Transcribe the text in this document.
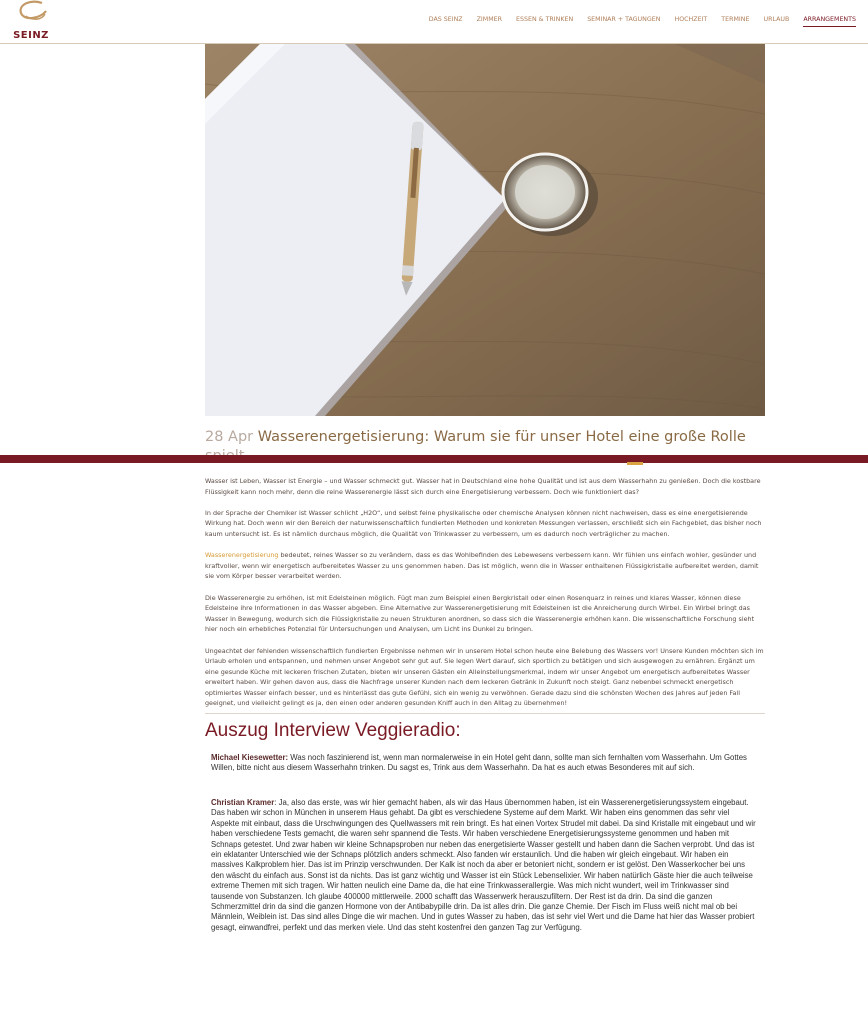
SEINZ
DAS SEINZ ZIMMER ESSEN & TRINKEN SEMINAR + TAGUNGEN HOCHZEIT TERMINE URLAUB ARRANGEMENTS
28 Apr Wasserenergetisierung: Warum sie für unser Hotel eine große Rolle

Wasser ist Leben, Wasser ist Energie – und Wasser schmeckt gut. Wasser hat in Deutschland eine hohe Qualität und ist aus dem Wasserhahn zu genießen. Doch die kostbare Flüssigkeit kann noch mehr, denn die reine Wasserenergie lässt sich durch eine Energetisierung verbessern. Doch wie funktioniert das?

In der Sprache der Chemiker ist Wasser schlicht „H2O“, und selbst feine physikalische oder chemische Analysen können nicht nachweisen, dass es eine energetisierende Wirkung hat. Doch wenn wir den Bereich der naturwissenschaftlich fundierten Methoden und konkreten Messungen verlassen, erschließt sich ein Fachgebiet, das bisher noch kaum untersucht ist. Es ist nämlich durchaus möglich, die Qualität von Trinkwasser zu verbessern, um es dadurch noch verträglicher zu machen.

Wasserenergetisierung bedeutet, reines Wasser so zu verändern, dass es das Wohlbefinden des Lebewesens verbessern kann. Wir fühlen uns einfach wohler, gesünder und kraftvoller, wenn wir energetisch aufbereitetes Wasser zu uns genommen haben. Das ist möglich, wenn die in Wasser enthaltenen Flüssigkristalle aufbereitet werden, damit sie vom Körper besser verarbeitet werden.

Die Wasserenergie zu erhöhen, ist mit Edelsteinen möglich. Fügt man zum Beispiel einen Bergkristall oder einen Rosenquarz in reines und klares Wasser, können diese Edelsteine ihre Informationen in das Wasser abgeben. Eine Alternative zur Wasserenergetisierung mit Edelsteinen ist die Anreicherung durch Wirbel. Ein Wirbel bringt das Wasser in Bewegung, wodurch sich die Flüssigkristalle zu neuen Strukturen anordnen, so dass sich die Wasserenergie erhöhen kann. Die wissenschaftliche Forschung sieht hier noch ein erhebliches Potenzial für Untersuchungen und Analysen, um Licht ins Dunkel zu bringen.

Ungeachtet der fehlenden wissenschaftlich fundierten Ergebnisse nehmen wir in unserem Hotel schon heute eine Belebung des Wassers vor! Unsere Kunden möchten sich im Urlaub erholen und entspannen, und nehmen unser Angebot sehr gut auf. Sie legen Wert darauf, sich sportlich zu betätigen und sich ausgewogen zu ernähren. Ergänzt um eine gesunde Küche mit leckeren frischen Zutaten, bieten wir unseren Gästen ein Alleinstellungsmerkmal, indem wir unser Angebot um energetisch aufbereitetes Wasser erweitert haben. Wir gehen davon aus, dass die Nachfrage unserer Kunden nach dem leckeren Getränk in Zukunft noch steigt. Ganz nebenbei schmeckt energetisch optimiertes Wasser einfach besser, und es hinterlässt das gute Gefühl, sich ein wenig zu verwöhnen. Gerade dazu sind die schönsten Wochen des Jahres auf jeden Fall geeignet, und vielleicht gelingt es ja, den einen oder anderen gesunden Kniff auch in den Alltag zu übernehmen!

Auszug Interview Veggieradio:

Michael Kiesewetter: Was noch faszinierend ist, wenn man normalerweise in ein Hotel geht dann, sollte man sich fernhalten vom Wasserhahn. Um Gottes Willen, bitte nicht aus diesem Wasserhahn trinken. Du sagst es, Trink aus dem Wasserhahn. Da hat es auch etwas Besonderes mit auf sich.

Christian Kramer: Ja, also das erste, was wir hier gemacht haben, als wir das Haus übernommen haben, ist ein Wasserenergetisierungssystem eingebaut. Das haben wir schon in München in unserem Haus gehabt. Da gibt es verschiedene Systeme auf dem Markt. Wir haben eins genommen das sehr viel Aspekte mit einbaut, dass die Urschwingungen des Quellwassers mit rein bringt. Es hat einen Vortex Strudel mit dabei. Da sind Kristalle mit eingebaut und wir haben verschiedene Tests gemacht, die waren sehr spannend die Tests. Wir haben verschiedene Energetisierungssysteme genommen und haben mit Schnaps getestet. Und zwar haben wir kleine Schnapsproben nur neben das energetisierte Wasser gestellt und haben dann die Sachen verprobt. Und das ist ein eklatanter Unterschied wie der Schnaps plötzlich anders schmeckt. Also fanden wir erstaunlich. Und die haben wir gleich eingebaut. Wir haben ein massives Kalkproblem hier. Das ist im Prinzip verschwunden. Der Kalk ist noch da aber er betoniert nicht, sondern er ist gelöst. Den Wasserkocher bei uns den wäscht du einfach aus. Sonst ist da nichts. Das ist ganz wichtig und Wasser ist ein Stück Lebenselixier. Wir haben natürlich Gäste hier die auch teilweise extreme Themen mit sich tragen. Wir hatten neulich eine Dame da, die hat eine Trinkwasserallergie. Was mich nicht wundert, weil im Trinkwasser sind tausende von Substanzen. Ich glaube 400000 mittlerweile. 2000 schafft das Wasserwerk herauszufiltern. Der Rest ist da drin. Da sind die ganzen Schmerzmittel drin da sind die ganzen Hormone von der Antibabypille drin. Da ist alles drin. Die ganze Chemie. Der Fisch im Fluss weiß nicht mal ob bei Männlein, Weiblein ist. Das sind alles Dinge die wir machen. Und in gutes Wasser zu haben, das ist sehr viel Wert und die Dame hat hier das Wasser probiert gesagt, einwandfrei, perfekt und das merken viele. Und das steht kostenfrei den ganzen Tag zur Verfügung.
